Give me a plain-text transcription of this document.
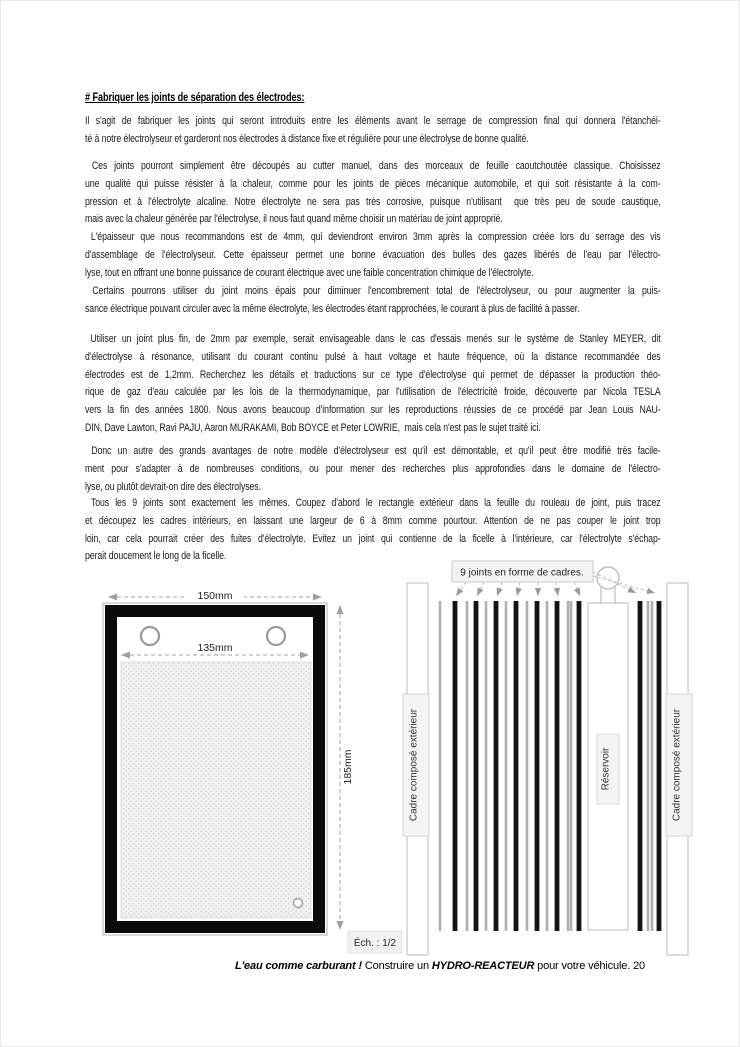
# Fabriquer les joints de séparation des électrodes:
Il s'agit de fabriquer les joints qui seront introduits entre les éléments avant le serrage de compression final qui donnera l'étanchéi-
té à notre électrolyseur et garderont nos électrodes à distance fixe et régulière pour une électrolyse de bonne qualité.
Ces joints pourront simplement être découpés au cutter manuel, dans des morceaux de feuille caoutchoutée classique. Choisissez
une qualité qui puisse résister à la chaleur, comme pour les joints de pièces mécanique automobile, et qui soit résistante à la com-
pression et à l'électrolyte alcaline. Notre électrolyte ne sera pas très corrosive, puisque n'utilisant  que très peu de soude caustique,
mais avec la chaleur générée par l'électrolyse, il nous faut quand même choisir un matériau de joint approprié.
L'épaisseur que nous recommandons est de 4mm, qui deviendront environ 3mm après la compression créée lors du serrage des vis
d'assemblage de l'électrolyseur. Cette épaisseur permet une bonne évacuation des bulles des gazes libérés de l'eau par l'électro-
lyse, tout en offrant une bonne puissance de courant électrique avec une faible concentration chimique de l'électrolyte.
Certains pourrons utiliser du joint moins épais pour diminuer l'encombrement total de l'électrolyseur, ou pour augmenter la puis-
sance électrique pouvant circuler avec la même électrolyte, les électrodes étant rapprochées, le courant à plus de facilité à passer.
Utiliser un joint plus fin, de 2mm par exemple, serait envisageable dans le cas d'essais menés sur le système de Stanley MEYER, dit
d'électrolyse à résonance, utilisant du courant continu pulsé à haut voltage et haute fréquence, où la distance recommandée des
électrodes est de 1,2mm. Recherchez les détails et traductions sur ce type d'électrolyse qui permet de dépasser la production théo-
rique de gaz d'eau calculée par les lois de la thermodynamique, par l'utilisation de l'électricité froide, découverte par Nicola TESLA
vers la fin des années 1800. Nous avons beaucoup d'information sur les reproductions réussies de ce procédé par Jean Louis NAU-
DIN, Dave Lawton, Ravi PAJU, Aaron MURAKAMI, Bob BOYCE et Peter LOWRIE,  mais cela n'est pas le sujet traité ici.
Donc un autre des grands avantages de notre modèle d'électrolyseur est qu'il est démontable, et qu'il peut être modifié très facile-
ment pour s'adapter à de nombreuses conditions, ou pour mener des recherches plus approfondies dans le domaine de l'électro-
lyse, ou plutôt devrait-on dire des électrolyses.
Tous les 9 joints sont exactement les mêmes. Coupez d'abord le rectangle extérieur dans la feuille du rouleau de joint, puis tracez
et découpez les cadres intérieurs, en laissant une largeur de 6 à 8mm comme pourtour. Attention de ne pas couper le joint trop
loin, car cela pourrait créer des fuites d'électrolyte. Evitez un joint qui contienne de la ficelle à l'intérieure, car l'électrolyte s'échap-
perait doucement le long de la ficelle.
150mm
135mm
185mm
Éch. : 1/2
9 joints en forme de cadres.
Cadre composé extérieur	Cadre composé extérieur
Réservoir
L'eau comme carburant ! Construire un HYDRO-REACTEUR pour votre véhicule. 20
